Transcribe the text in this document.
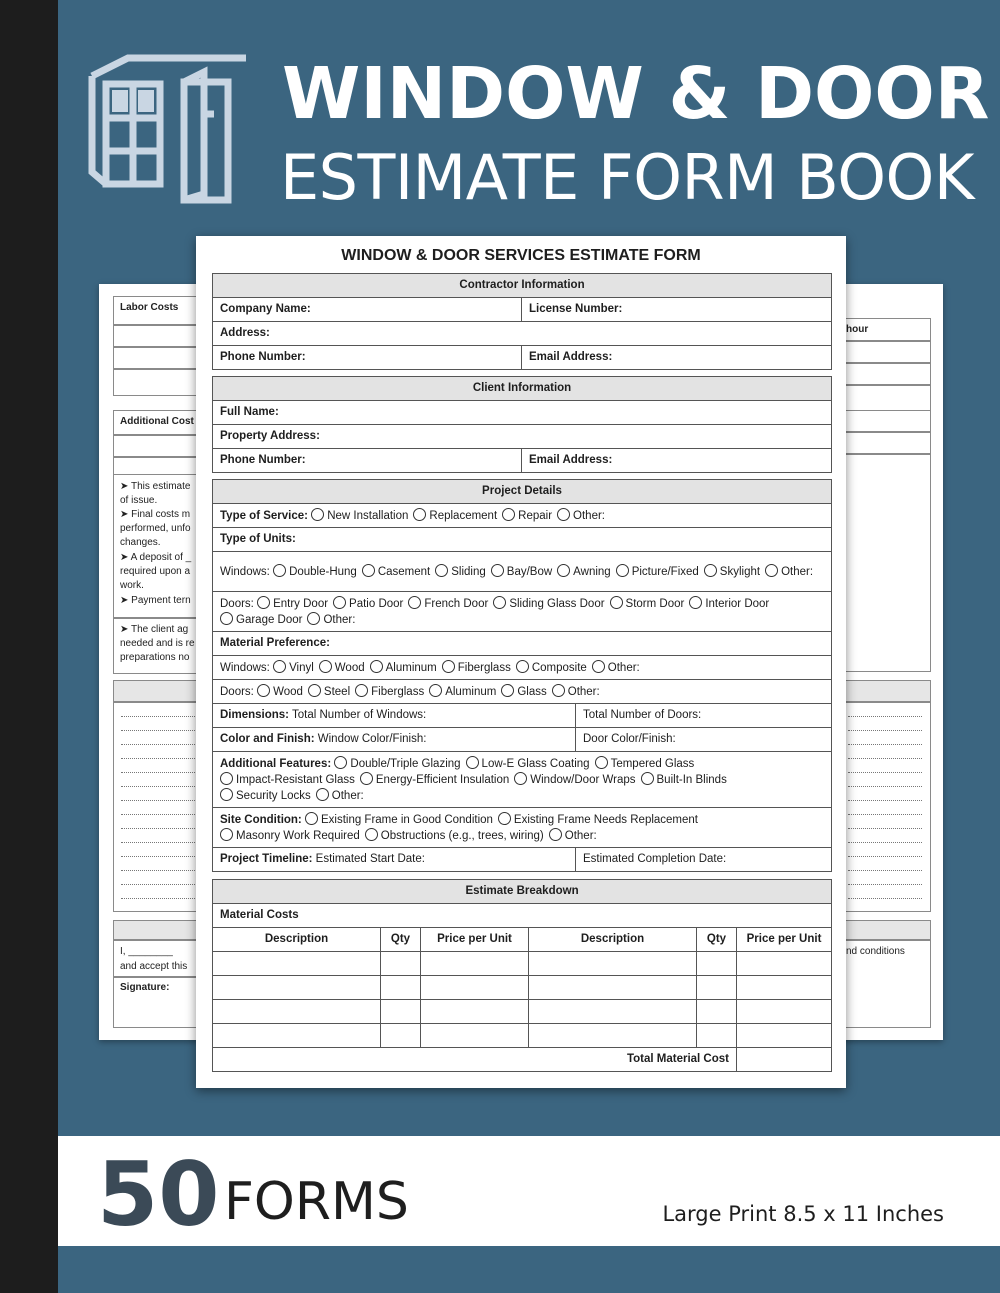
WINDOW & DOOR
ESTIMATE FORM BOOK
Labor Costs
Additional Cost
➤ This estimate
of issue.
➤ Final costs m
performed, unfo
changes.
➤ A deposit of _
required upon a
work.
➤ Payment tern
➤ The client ag
needed and is re
preparations no
I, ________
and accept this
Signature:
hour
nd conditions
WINDOW & DOOR SERVICES ESTIMATE FORM
Contractor Information	
Company Name:	License Number:
Address:	
Phone Number:	Email Address:
Client Information
Full Name:
Property Address:
Phone Number:	Email Address:
Project Details	
Type of Service: New Installation Replacement Repair Other:	
Type of Units:	
Windows: Double-Hung Casement Sliding Bay/Bow Awning Picture/Fixed Skylight Other:	
Doors: Entry Door Patio Door French Door Sliding Glass Door Storm Door Interior DoorGarage Door Other:	
Material Preference:	
Windows: Vinyl Wood Aluminum Fiberglass Composite Other:	
Doors: Wood Steel Fiberglass Aluminum Glass Other:	
Dimensions: Total Number of Windows:	Total Number of Doors:
Color and Finish: Window Color/Finish:	Door Color/Finish:
Additional Features: Double/Triple Glazing Low-E Glass Coating Tempered GlassImpact-Resistant Glass Energy-Efficient Insulation Window/Door Wraps Built-In BlindsSecurity Locks Other:	
Site Condition: Existing Frame in Good Condition Existing Frame Needs ReplacementMasonry Work Required Obstructions (e.g., trees, wiring) Other:	
Project Timeline: Estimated Start Date:	Estimated Completion Date:
Estimate Breakdown					
Material Costs					
Description	Qty	Price per Unit	Description	Qty	Price per Unit

Total Material Cost					
50 FORMS	Large Print 8.5 x 11 Inches
